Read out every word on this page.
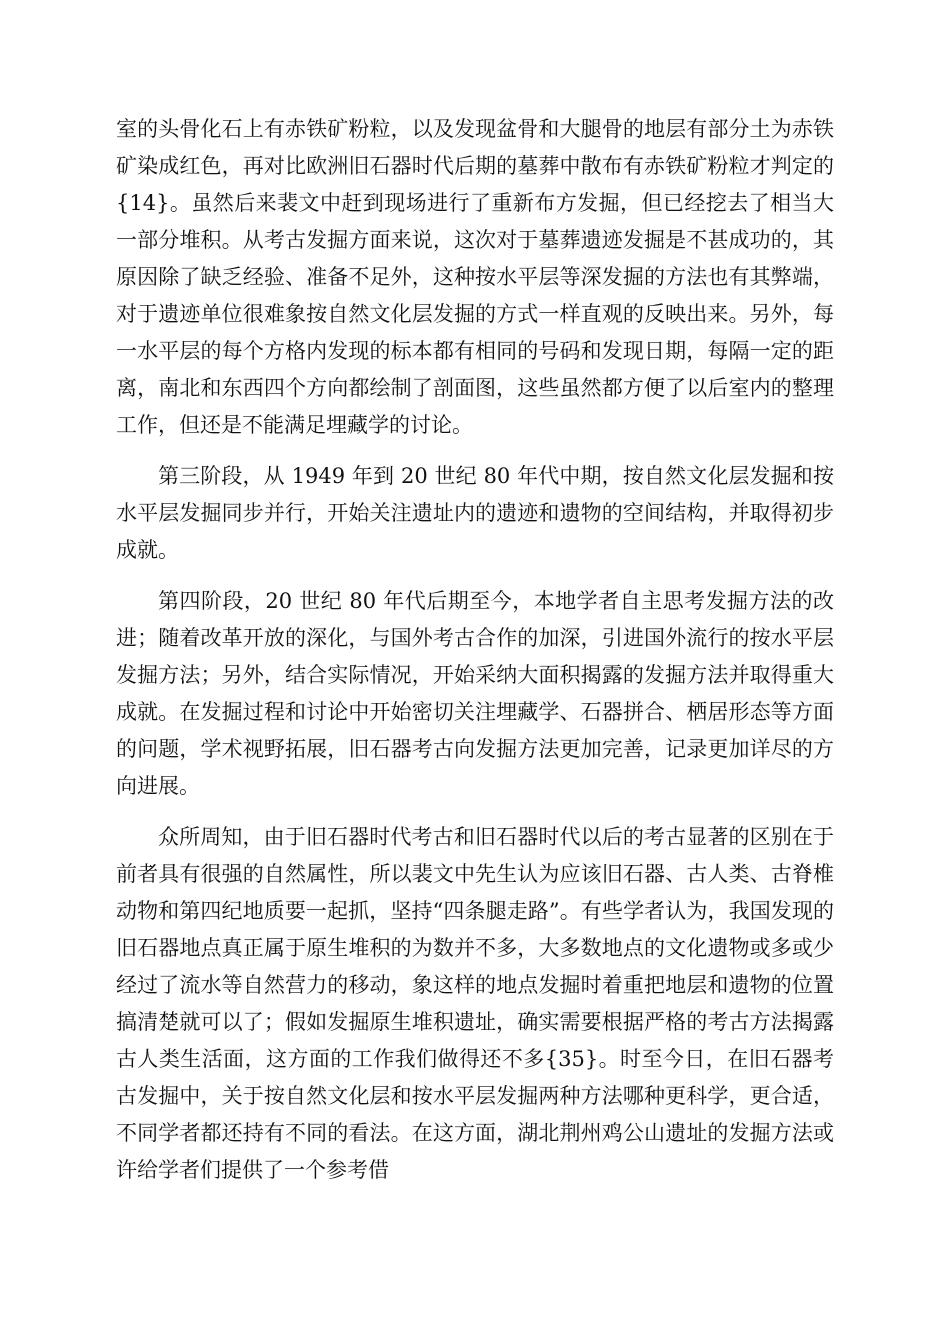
室的头骨化石上有赤铁矿粉粒，以及发现盆骨和大腿骨的地层有部分土为赤铁矿染成红色，再对比欧洲旧石器时代后期的墓葬中散布有赤铁矿粉粒才判定的{14}。虽然后来裴文中赶到现场进行了重新布方发掘，但已经挖去了相当大一部分堆积。从考古发掘方面来说，这次对于墓葬遗迹发掘是不甚成功的，其原因除了缺乏经验、准备不足外，这种按水平层等深发掘的方法也有其弊端，对于遗迹单位很难象按自然文化层发掘的方式一样直观的反映出来。另外，每一水平层的每个方格内发现的标本都有相同的号码和发现日期，每隔一定的距离，南北和东西四个方向都绘制了剖面图，这些虽然都方便了以后室内的整理工作，但还是不能满足埋藏学的讨论。

第三阶段，从 1949 年到 20 世纪 80 年代中期，按自然文化层发掘和按水平层发掘同步并行，开始关注遗址内的遗迹和遗物的空间结构，并取得初步成就。

第四阶段，20 世纪 80 年代后期至今，本地学者自主思考发掘方法的改进；随着改革开放的深化，与国外考古合作的加深，引进国外流行的按水平层发掘方法；另外，结合实际情况，开始采纳大面积揭露的发掘方法并取得重大成就。在发掘过程和讨论中开始密切关注埋藏学、石器拼合、栖居形态等方面的问题，学术视野拓展，旧石器考古向发掘方法更加完善，记录更加详尽的方向进展。

众所周知，由于旧石器时代考古和旧石器时代以后的考古显著的区别在于前者具有很强的自然属性，所以裴文中先生认为应该旧石器、古人类、古脊椎动物和第四纪地质要一起抓，坚持“四条腿走路”。有些学者认为，我国发现的旧石器地点真正属于原生堆积的为数并不多，大多数地点的文化遗物或多或少经过了流水等自然营力的移动，象这样的地点发掘时着重把地层和遗物的位置搞清楚就可以了；假如发掘原生堆积遗址，确实需要根据严格的考古方法揭露古人类生活面，这方面的工作我们做得还不多{35}。时至今日，在旧石器考古发掘中，关于按自然文化层和按水平层发掘两种方法哪种更科学，更合适，不同学者都还持有不同的看法。在这方面，湖北荆州鸡公山遗址的发掘方法或许给学者们提供了一个参考借
